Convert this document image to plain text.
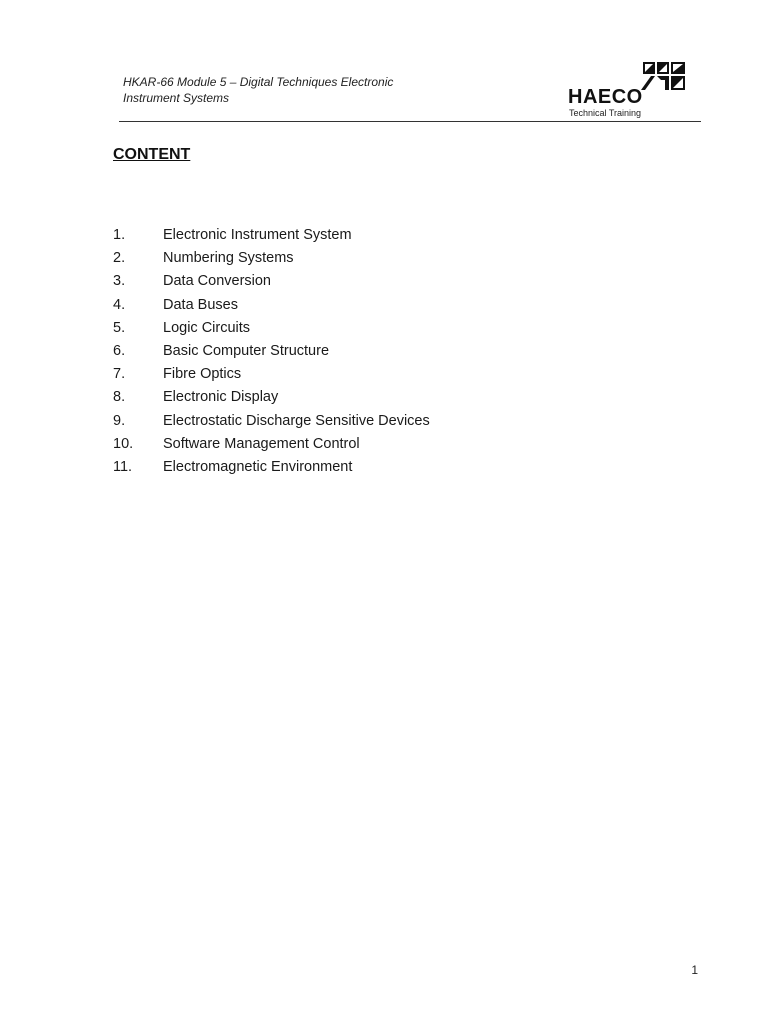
HKAR-66 Module 5 – Digital Techniques Electronic
Instrument Systems	HAECO
Technical Training
CONTENT
1.	Electronic Instrument System
2.	Numbering Systems
3.	Data Conversion
4.	Data Buses
5.	Logic Circuits
6.	Basic Computer Structure
7.	Fibre Optics
8.	Electronic Display
9.	Electrostatic Discharge Sensitive Devices
10.	Software Management Control
11.	Electromagnetic Environment
1
